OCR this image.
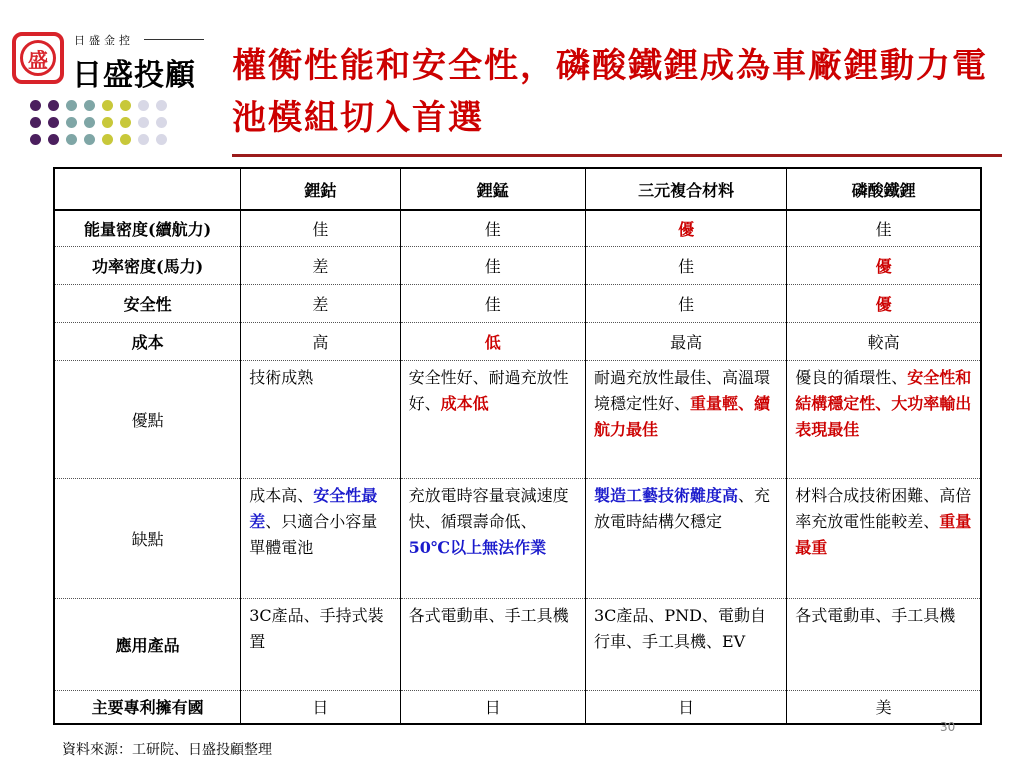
盛
日盛金控
日盛投顧 權衡性能和安全性，磷酸鐵鋰成為車廠鋰動力電池模組切入首選
	鋰鈷	鋰錳	三元複合材料	磷酸鐵鋰
能量密度(續航力)	佳	佳	優	佳
功率密度(馬力)	差	佳	佳	優
安全性	差	佳	佳	優
成本	高	低	最高	較高
優點	技術成熟	安全性好、耐過充放性好、成本低	耐過充放性最佳、高溫環境穩定性好、重量輕、續航力最佳	優良的循環性、安全性和結構穩定性、大功率輸出表現最佳
缺點	成本高、安全性最差、只適合小容量單體電池	充放電時容量衰減速度快、循環壽命低、50℃以上無法作業	製造工藝技術難度高、充放電時結構欠穩定	材料合成技術困難、高倍率充放電性能較差、重量最重
應用產品	3C產品、手持式裝置	各式電動車、手工具機	3C產品、PND、電動自行車、手工具機、EV	各式電動車、手工具機
主要專利擁有國	日	日	日	美
30
資料來源：工研院、日盛投顧整理
